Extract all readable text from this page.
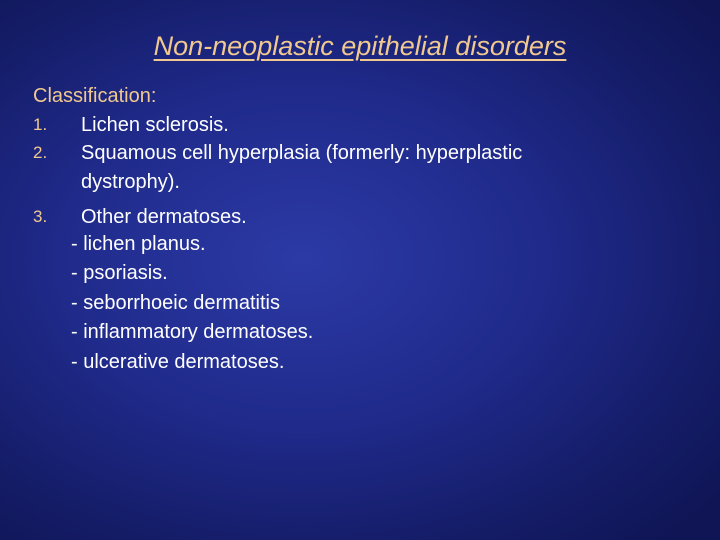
Non-neoplastic epithelial disorders
Classification:
1.	Lichen sclerosis.
2.	Squamous cell hyperplasia (formerly: hyperplastic dystrophy).
3.	Other dermatoses.
- lichen planus.
- psoriasis.
- seborrhoeic dermatitis
- inflammatory dermatoses.
- ulcerative dermatoses.
